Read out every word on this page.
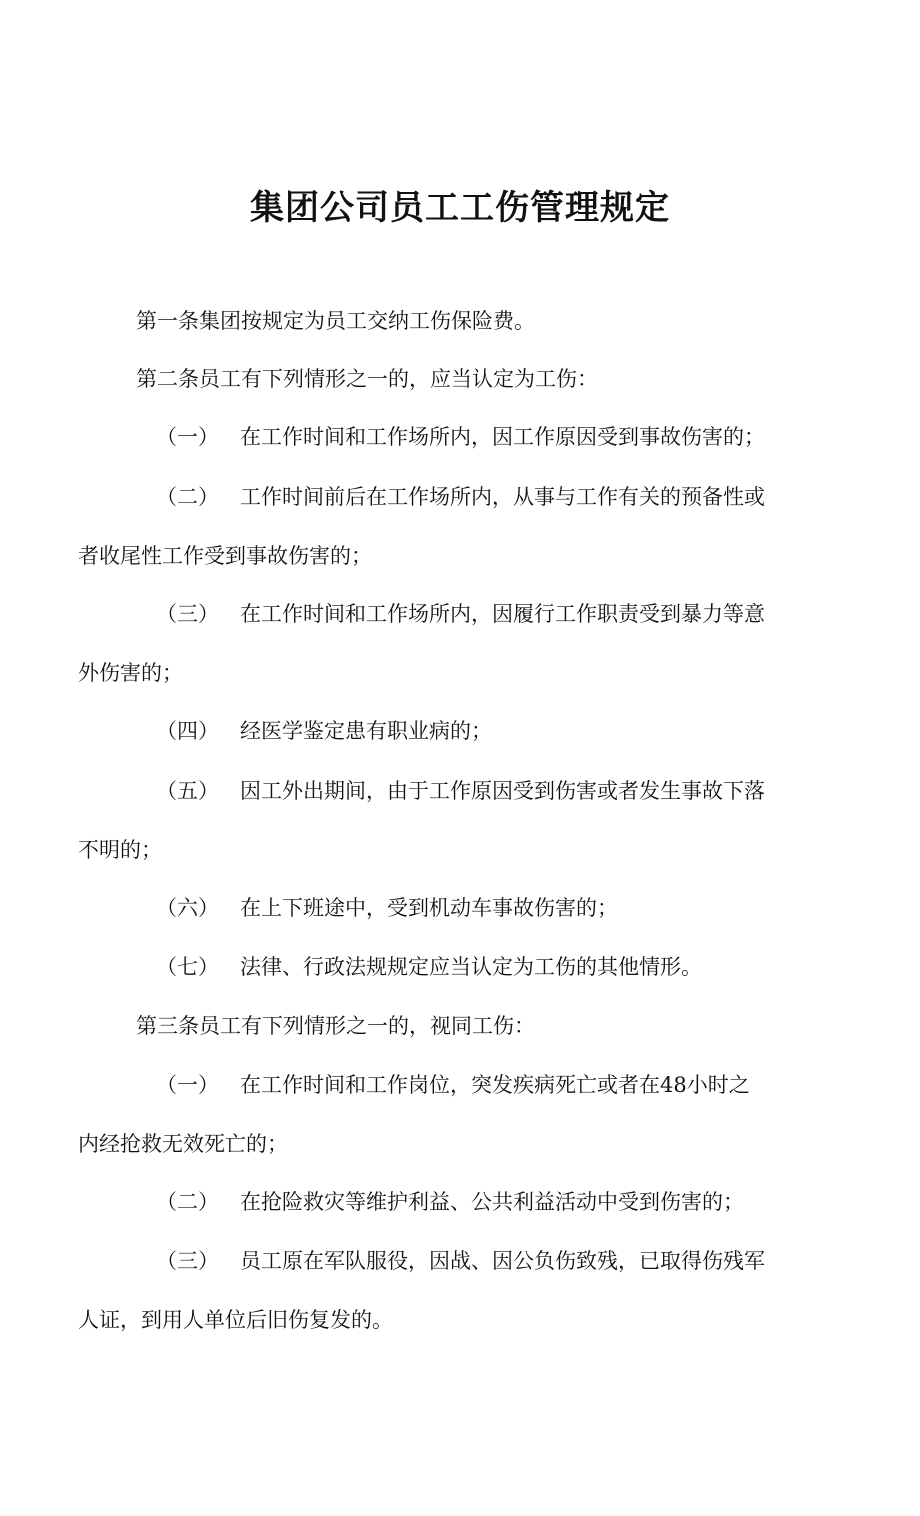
集团公司员工工伤管理规定
第一条集团按规定为员工交纳工伤保险费。
第二条员工有下列情形之一的，应当认定为工伤：
（一） 在工作时间和工作场所内，因工作原因受到事故伤害的；
（二） 工作时间前后在工作场所内，从事与工作有关的预备性或
者收尾性工作受到事故伤害的；
（三） 在工作时间和工作场所内，因履行工作职责受到暴力等意
外伤害的；
（四） 经医学鉴定患有职业病的；
（五） 因工外出期间，由于工作原因受到伤害或者发生事故下落
不明的；
（六） 在上下班途中，受到机动车事故伤害的；
（七） 法律、行政法规规定应当认定为工伤的其他情形。
第三条员工有下列情形之一的，视同工伤：
（一） 在工作时间和工作岗位，突发疾病死亡或者在48小时之
内经抢救无效死亡的；
（二） 在抢险救灾等维护利益、公共利益活动中受到伤害的；
（三） 员工原在军队服役，因战、因公负伤致残，已取得伤残军
人证，到用人单位后旧伤复发的。
